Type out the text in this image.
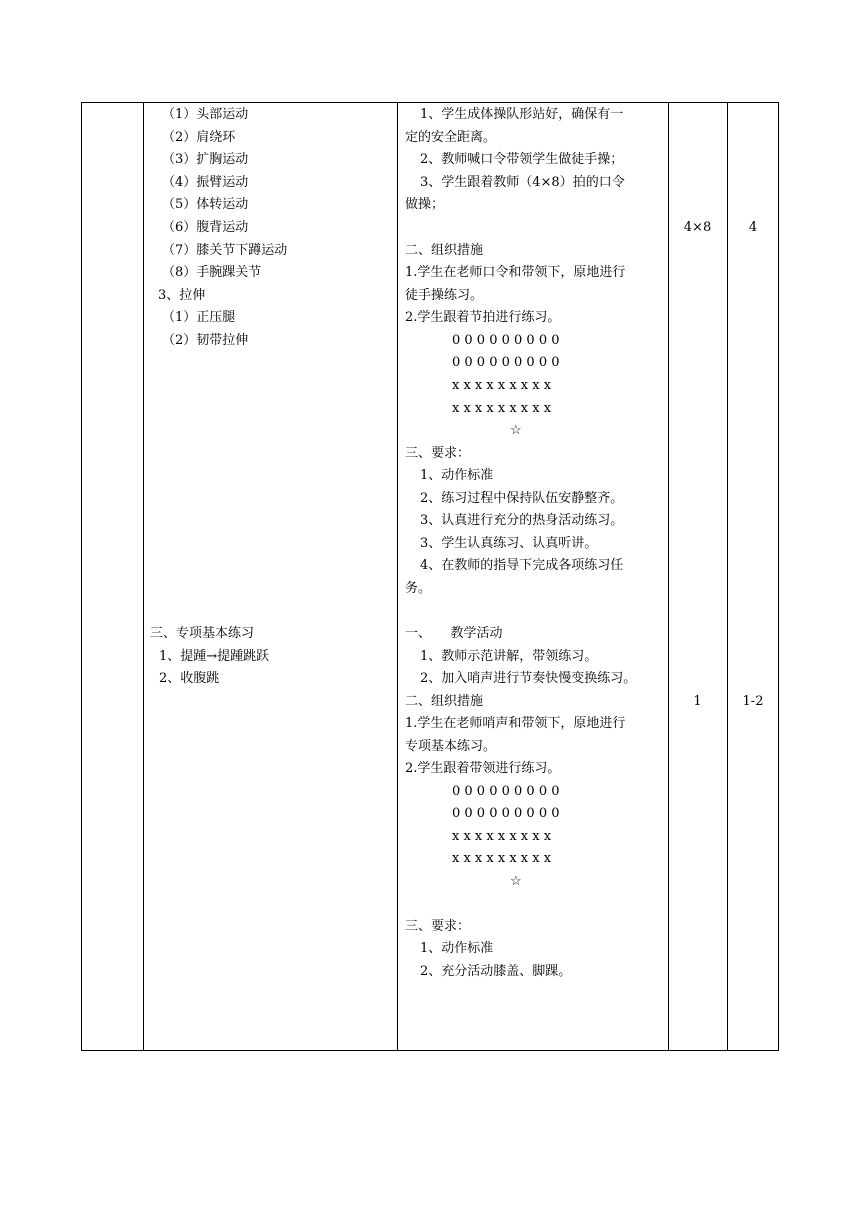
（1）头部运动
（2）肩绕环
（3）扩胸运动
（4）振臂运动
（5）体转运动
（6）腹背运动
（7）膝关节下蹲运动
（8）手腕踝关节
3、拉伸
（1）正压腿
（2）韧带拉伸
三、专项基本练习
1、提踵→提踵跳跃
2、收腹跳
1、学生成体操队形站好，确保有一
定的安全距离。
2、教师喊口令带领学生做徒手操；
3、学生跟着教师（4×8）拍的口令
做操；
二、组织措施
1.学生在老师口令和带领下，原地进行
徒手操练习。
2.学生跟着节拍进行练习。
0 0 0 0 0 0 0 0 0
0 0 0 0 0 0 0 0 0
x x x x x x x x x
x x x x x x x x x
☆
三、要求：
1、动作标准
2、练习过程中保持队伍安静整齐。
3、认真进行充分的热身活动练习。
3、学生认真练习、认真听讲。
4、在教师的指导下完成各项练习任
务。
一、　　教学活动
1、教师示范讲解，带领练习。
2、加入哨声进行节奏快慢变换练习。
二、组织措施
1.学生在老师哨声和带领下，原地进行
专项基本练习。
2.学生跟着带领进行练习。
0 0 0 0 0 0 0 0 0
0 0 0 0 0 0 0 0 0
x x x x x x x x x
x x x x x x x x x
☆
三、要求：
1、动作标准
2、充分活动膝盖、脚踝。
4×8
1
4
1-2
